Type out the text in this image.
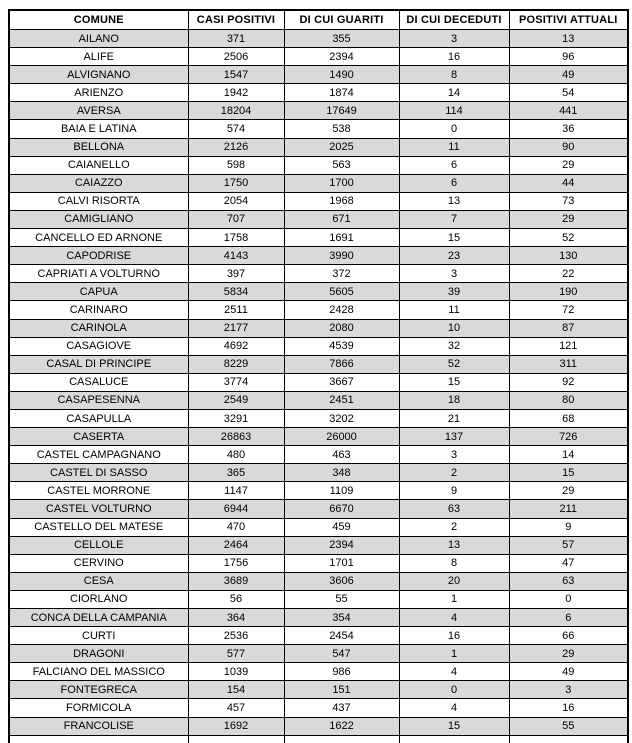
COMUNE	CASI POSITIVI	DI CUI GUARITI	DI CUI DECEDUTI	POSITIVI ATTUALI
AILANO	371	355	3	13
ALIFE	2506	2394	16	96
ALVIGNANO	1547	1490	8	49
ARIENZO	1942	1874	14	54
AVERSA	18204	17649	114	441
BAIA E LATINA	574	538	0	36
BELLONA	2126	2025	11	90
CAIANELLO	598	563	6	29
CAIAZZO	1750	1700	6	44
CALVI RISORTA	2054	1968	13	73
CAMIGLIANO	707	671	7	29
CANCELLO ED ARNONE	1758	1691	15	52
CAPODRISE	4143	3990	23	130
CAPRIATI A VOLTURNO	397	372	3	22
CAPUA	5834	5605	39	190
CARINARO	2511	2428	11	72
CARINOLA	2177	2080	10	87
CASAGIOVE	4692	4539	32	121
CASAL DI PRINCIPE	8229	7866	52	311
CASALUCE	3774	3667	15	92
CASAPESENNA	2549	2451	18	80
CASAPULLA	3291	3202	21	68
CASERTA	26863	26000	137	726
CASTEL CAMPAGNANO	480	463	3	14
CASTEL DI SASSO	365	348	2	15
CASTEL MORRONE	1147	1109	9	29
CASTEL VOLTURNO	6944	6670	63	211
CASTELLO DEL MATESE	470	459	2	9
CELLOLE	2464	2394	13	57
CERVINO	1756	1701	8	47
CESA	3689	3606	20	63
CIORLANO	56	55	1	0
CONCA DELLA CAMPANIA	364	354	4	6
CURTI	2536	2454	16	66
DRAGONI	577	547	1	29
FALCIANO DEL MASSICO	1039	986	4	49
FONTEGRECA	154	151	0	3
FORMICOLA	457	437	4	16
FRANCOLISE	1692	1622	15	55
